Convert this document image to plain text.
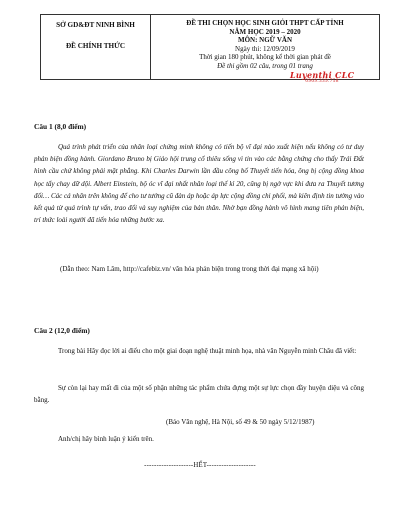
SỞ GD&ĐT NINH BÌNH
ĐỀ CHÍNH THỨC
ĐỀ THI CHỌN HỌC SINH GIỎI THPT CẤP TỈNH
NĂM HỌC 2019 – 2020
MÔN: NGỮ VĂN
Ngày thi: 12/09/2019
Thời gian 180 phút, không kể thời gian phát đề
Đề thi gồm 02 câu, trong 01 trang
Luyenthi CLC
0969.339.758
Câu 1 (8,0 điểm)
Quá trình phát triển của nhân loại chứng minh không có tiến bộ vĩ đại nào xuất hiện nếu không có tư duy phản biện đồng hành. Giordano Bruno bị Giáo hội trung cổ thiêu sống vì tin vào các bằng chứng cho thấy Trái Đất hình cầu chứ không phải mặt phẳng. Khi Charles Darwin lần đầu công bố Thuyết tiến hóa, ông bị cộng đồng khoa học tẩy chay dữ dội. Albert Einstein, bộ óc vĩ đại nhất nhân loại thế kỉ 20, cũng bị ngờ vực khi đưa ra Thuyết tương đối… Các cá nhân trên không để cho tư tưởng cũ đàn áp hoặc áp lực cộng đồng chi phối, mà kiên định tin tưởng vào kết quả từ quá trình tự vấn, trao đổi và suy nghiệm của bản thân. Nhờ bạn đồng hành vô hình mang tiên phản biện, trí thức loài người đã tiến hóa những bước xa.
(Dẫn theo: Nam Lâm, http://cafebiz.vn/ văn hóa phản biện trong trong thời đại mạng xã hội)
Câu 2 (12,0 điểm)
Trong bài Hãy đọc lời ai điếu cho một giai đoạn nghệ thuật minh họa, nhà văn Nguyễn minh Châu đã viết:
Sự còn lại hay mất đi của một số phận những tác phẩm chứa đựng một sự lực chọn đầy huyện diệu và công bằng.
(Báo Văn nghệ, Hà Nội, số 49 & 50 ngày 5/12/1987)
Anh/chị hãy bình luận ý kiến trên.
--------------------HẾT--------------------
